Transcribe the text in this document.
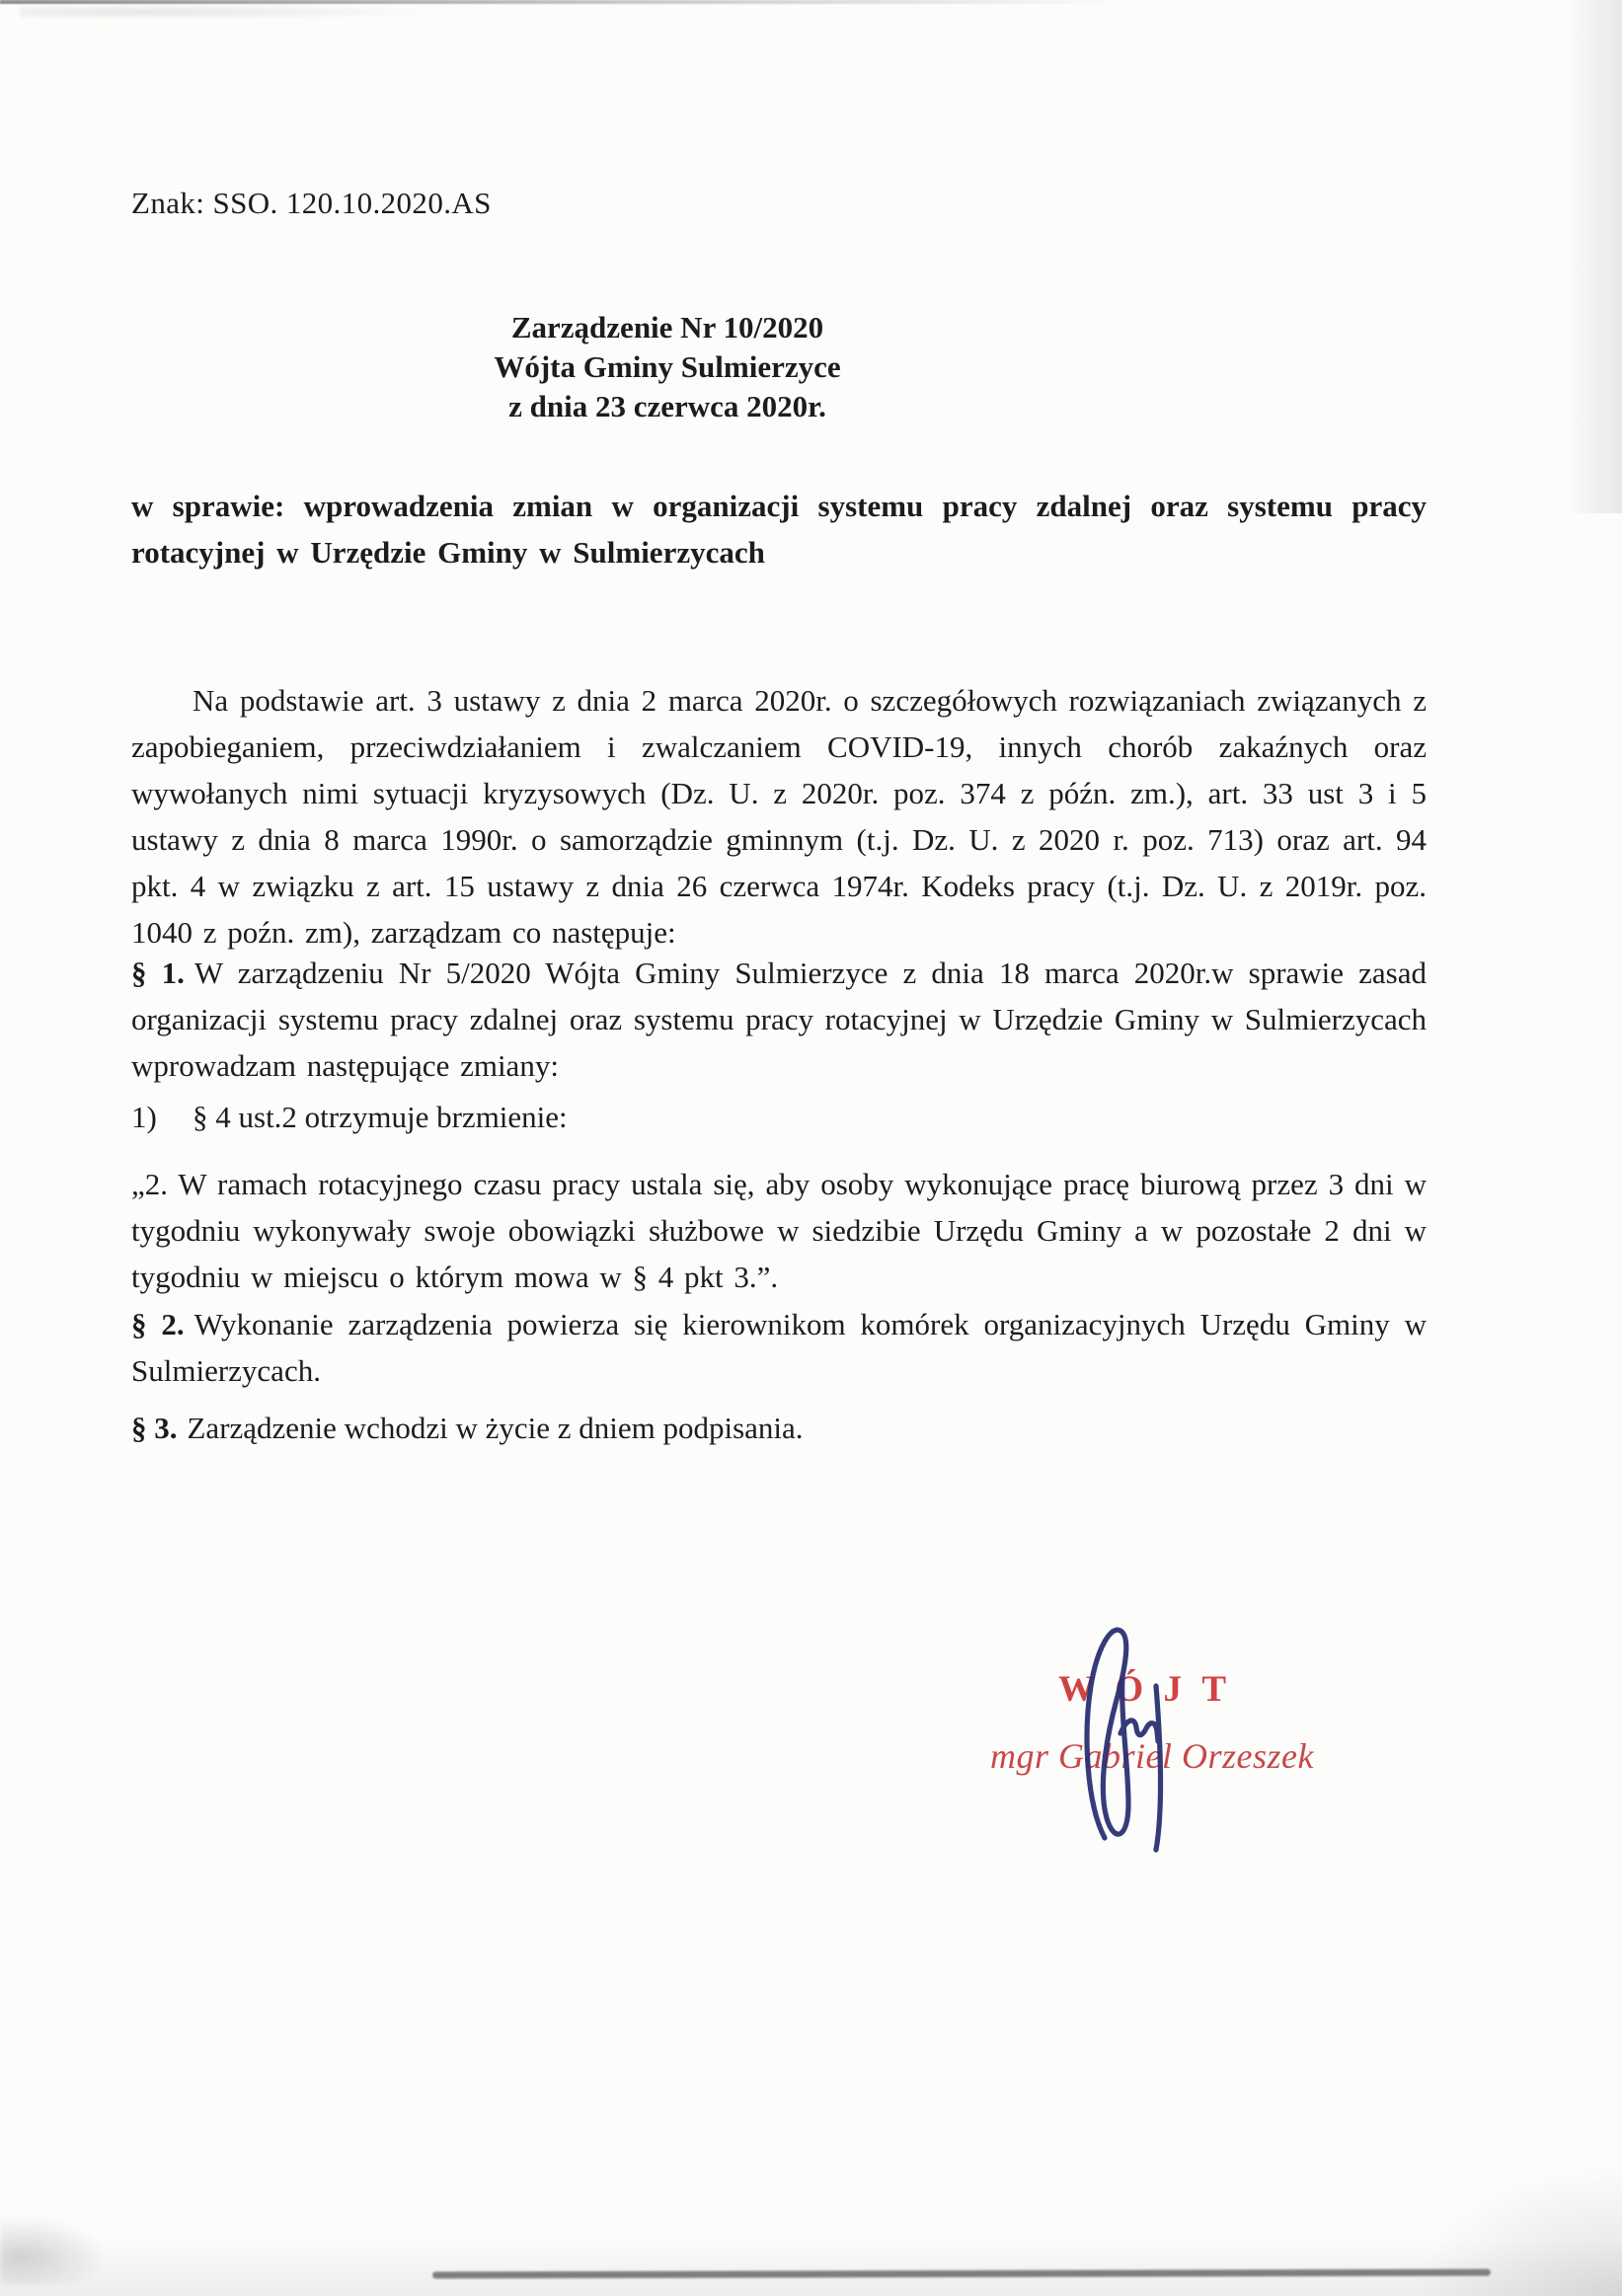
Znak: SSO. 120.10.2020.AS
Zarządzenie Nr 10/2020
Wójta Gminy Sulmierzyce
z dnia 23 czerwca 2020r.
w sprawie: wprowadzenia zmian w organizacji systemu pracy zdalnej oraz systemu pracy rotacyjnej w Urzędzie Gminy w Sulmierzycach
Na podstawie art. 3 ustawy z dnia 2 marca 2020r. o szczegółowych rozwiązaniach związanych z zapobieganiem, przeciwdziałaniem i zwalczaniem COVID-19, innych chorób zakaźnych oraz wywołanych nimi sytuacji kryzysowych (Dz. U. z 2020r. poz. 374 z późn. zm.), art. 33 ust 3 i 5 ustawy z dnia 8 marca 1990r. o samorządzie gminnym (t.j. Dz. U. z 2020 r. poz. 713) oraz art. 94 pkt. 4 w związku z art. 15 ustawy z dnia 26 czerwca 1974r. Kodeks pracy (t.j. Dz. U. z 2019r. poz. 1040 z poźn. zm), zarządzam co następuje:
§ 1. W zarządzeniu Nr 5/2020 Wójta Gminy Sulmierzyce z dnia 18 marca 2020r.w sprawie zasad organizacji systemu pracy zdalnej oraz systemu pracy rotacyjnej w Urzędzie Gminy w Sulmierzycach wprowadzam następujące zmiany:
1) § 4 ust.2 otrzymuje brzmienie:
„2. W ramach rotacyjnego czasu pracy ustala się, aby osoby wykonujące pracę biurową przez 3 dni w tygodniu wykonywały swoje obowiązki służbowe w siedzibie Urzędu Gminy a w pozostałe 2 dni w tygodniu w miejscu o którym mowa w § 4 pkt 3.”.
§ 2. Wykonanie zarządzenia powierza się kierownikom komórek organizacyjnych Urzędu Gminy w Sulmierzycach.
§ 3. Zarządzenie wchodzi w życie z dniem podpisania.
WÓJT
mgr Gabriel Orzeszek
